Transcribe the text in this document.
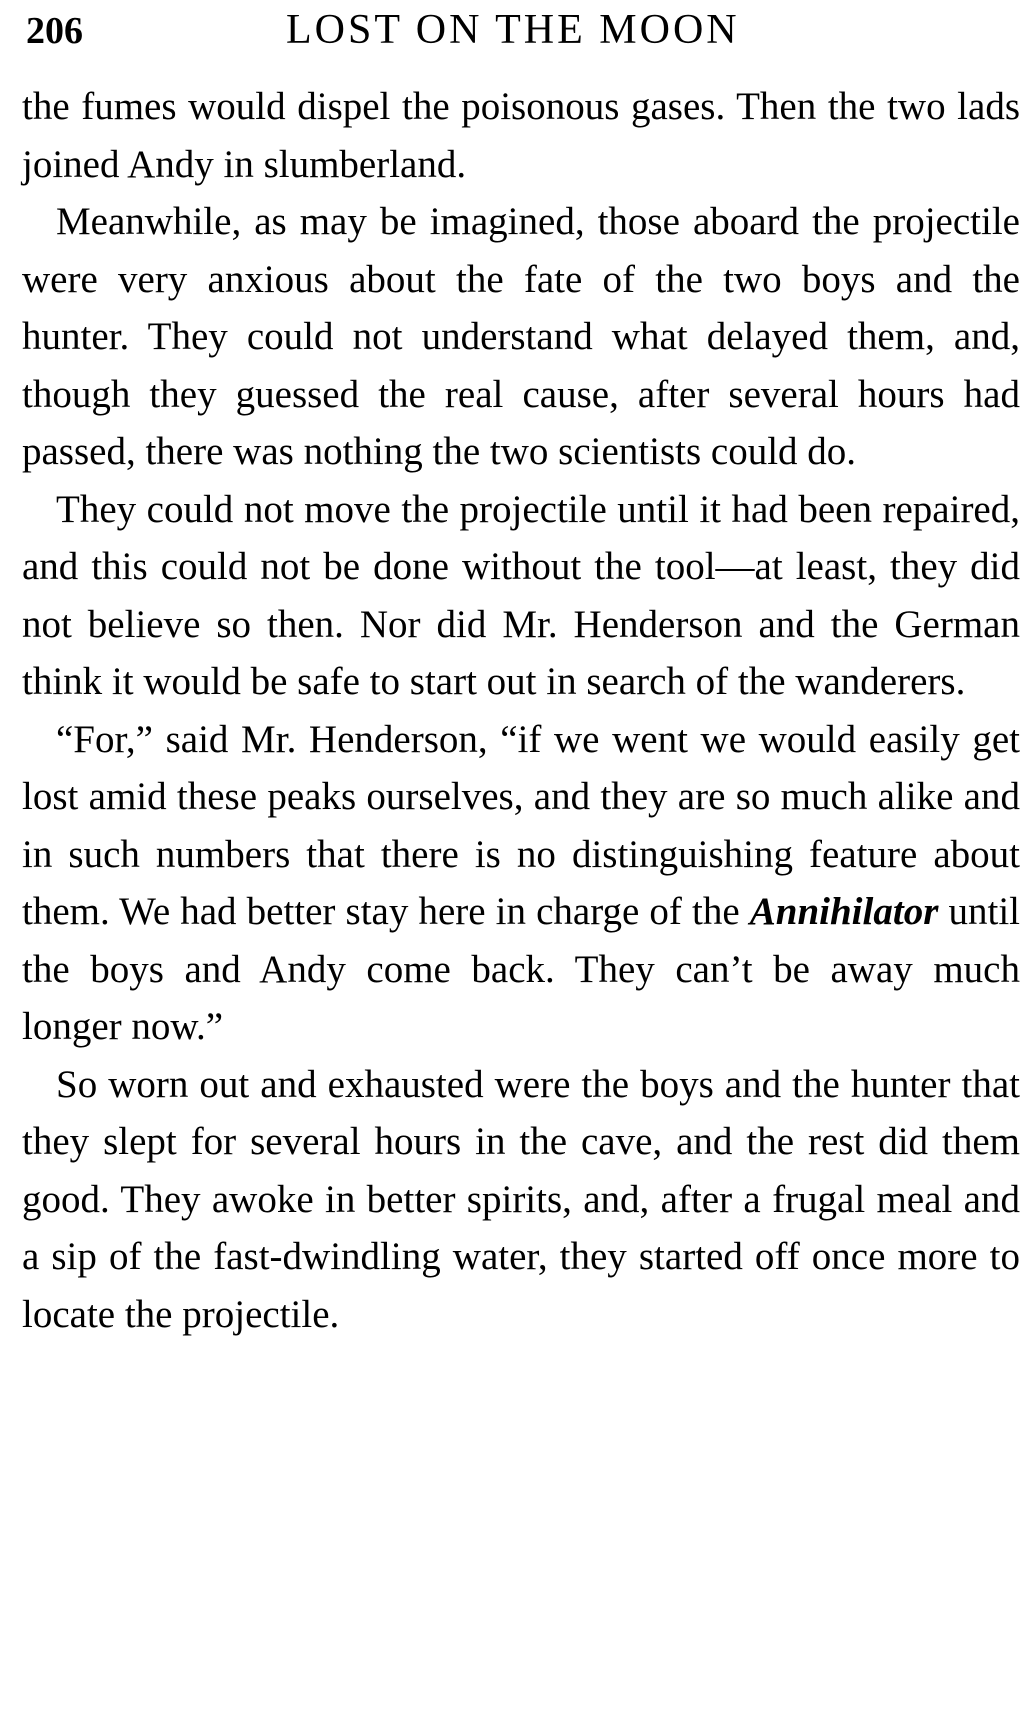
206	LOST ON THE MOON

the fumes would dispel the poisonous gases. Then the two lads joined Andy in slumberland.

Meanwhile, as may be imagined, those aboard the projectile were very anxious about the fate of the two boys and the hunter. They could not understand what delayed them, and, though they guessed the real cause, after several hours had passed, there was nothing the two scientists could do.

They could not move the projectile until it had been repaired, and this could not be done without the tool—at least, they did not believe so then. Nor did Mr. Henderson and the German think it would be safe to start out in search of the wanderers.

“For,” said Mr. Henderson, “if we went we would easily get lost amid these peaks ourselves, and they are so much alike and in such numbers that there is no distinguishing feature about them. We had better stay here in charge of the Annihilator until the boys and Andy come back. They can’t be away much longer now.”

So worn out and exhausted were the boys and the hunter that they slept for several hours in the cave, and the rest did them good. They awoke in better spirits, and, after a frugal meal and a sip of the fast-dwindling water, they started off once more to locate the projectile.
